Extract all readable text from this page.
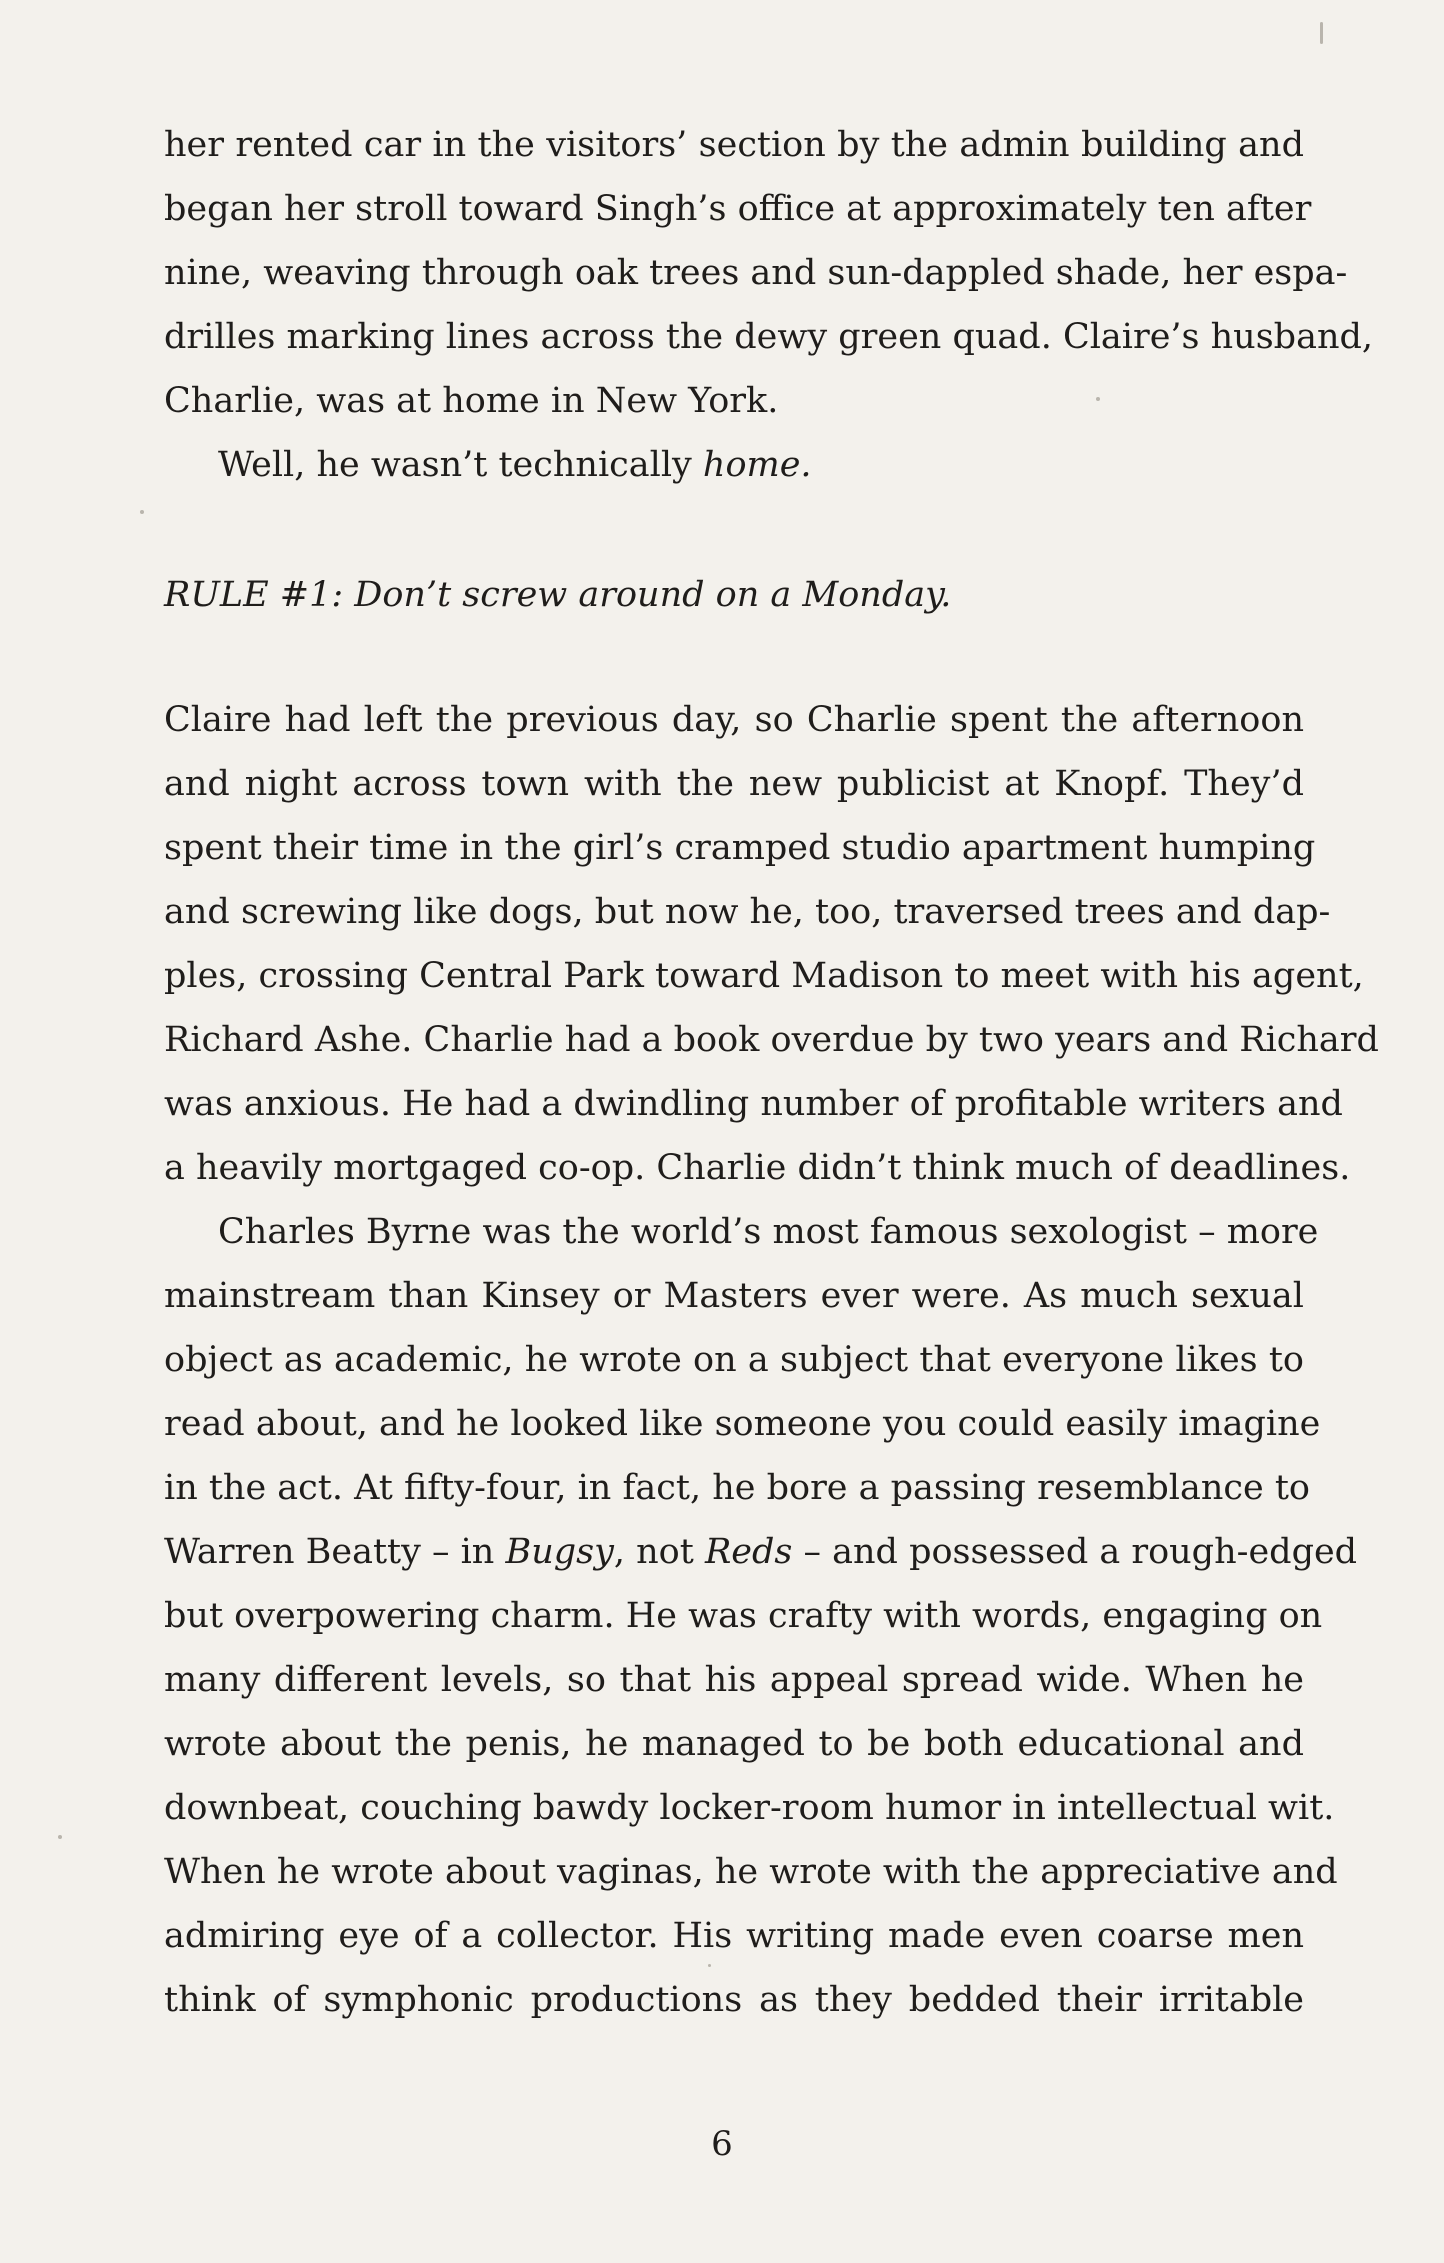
her rented car in the visitors’ section by the admin building and
began her stroll toward Singh’s office at approximately ten after
nine, weaving through oak trees and sun-dappled shade, her espa-
drilles marking lines across the dewy green quad. Claire’s husband,
Charlie, was at home in New York.
Well, he wasn’t technically home.
RULE #1: Don’t screw around on a Monday.
Claire had left the previous day, so Charlie spent the afternoon
and night across town with the new publicist at Knopf. They’d
spent their time in the girl’s cramped studio apartment humping
and screwing like dogs, but now he, too, traversed trees and dap-
ples, crossing Central Park toward Madison to meet with his agent,
Richard Ashe. Charlie had a book overdue by two years and Richard
was anxious. He had a dwindling number of profitable writers and
a heavily mortgaged co-op. Charlie didn’t think much of deadlines.
Charles Byrne was the world’s most famous sexologist – more
mainstream than Kinsey or Masters ever were. As much sexual
object as academic, he wrote on a subject that everyone likes to
read about, and he looked like someone you could easily imagine
in the act. At fifty-four, in fact, he bore a passing resemblance to
Warren Beatty – in Bugsy, not Reds – and possessed a rough-edged
but overpowering charm. He was crafty with words, engaging on
many different levels, so that his appeal spread wide. When he
wrote about the penis, he managed to be both educational and
downbeat, couching bawdy locker-room humor in intellectual wit.
When he wrote about vaginas, he wrote with the appreciative and
admiring eye of a collector. His writing made even coarse men
think of symphonic productions as they bedded their irritable
6
